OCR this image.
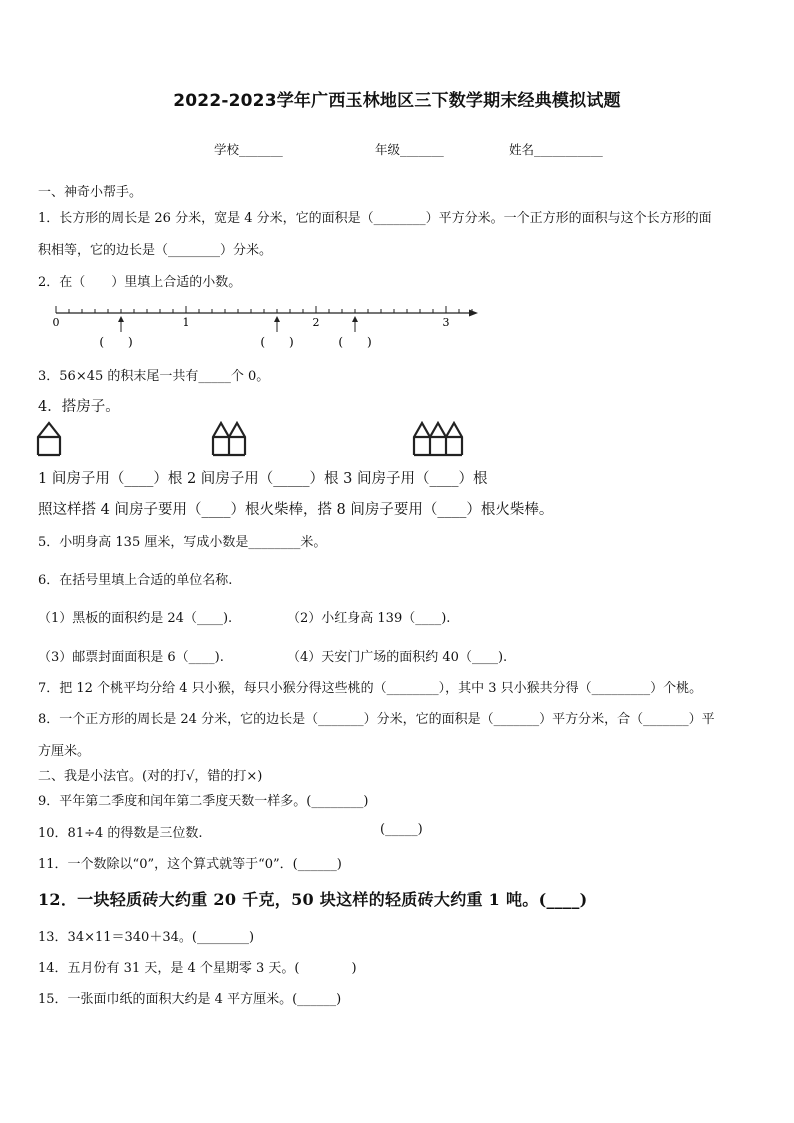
2022-2023学年广西玉林地区三下数学期末经典模拟试题
学校_______	年级_______	姓名___________
一、神奇小帮手。
1．长方形的周长是 26 分米，宽是 4 分米，它的面积是（________）平方分米。一个正方形的面积与这个长方形的面
积相等，它的边长是（________）分米。
2．在（　　）里填上合适的小数。
0	1	2	3
(　　)	(　　)	(　　)
3．56×45 的积末尾一共有_____个 0。
4．搭房子。
1 间房子用（____）根 2 间房子用（_____）根 3 间房子用（____）根
照这样搭 4 间房子要用（____）根火柴棒，搭 8 间房子要用（____）根火柴棒。
5．小明身高 135 厘米，写成小数是________米。
6．在括号里填上合适的单位名称.
（1）黑板的面积约是 24（____).	（2）小红身高 139（____).
（3）邮票封面面积是 6（____).	（4）天安门广场的面积约 40（____).
7．把 12 个桃平均分给 4 只小猴，每只小猴分得这些桃的（________），其中 3 只小猴共分得（_________）个桃。
8．一个正方形的周长是 24 分米，它的边长是（_______）分米，它的面积是（_______）平方分米，合（_______）平
方厘米。
二、我是小法官。(对的打√，错的打×)
9．平年第二季度和闰年第二季度天数一样多。(________)
10．81÷4 的得数是三位数.	(_____)
11．一个数除以“0”，这个算式就等于“0”．(______)
12．一块轻质砖大约重 20 千克，50 块这样的轻质砖大约重 1 吨。(____)
13．34×11＝340＋34。(________)
14．五月份有 31 天，是 4 个星期零 3 天。(　　　　)
15．一张面巾纸的面积大约是 4 平方厘米。(______)
